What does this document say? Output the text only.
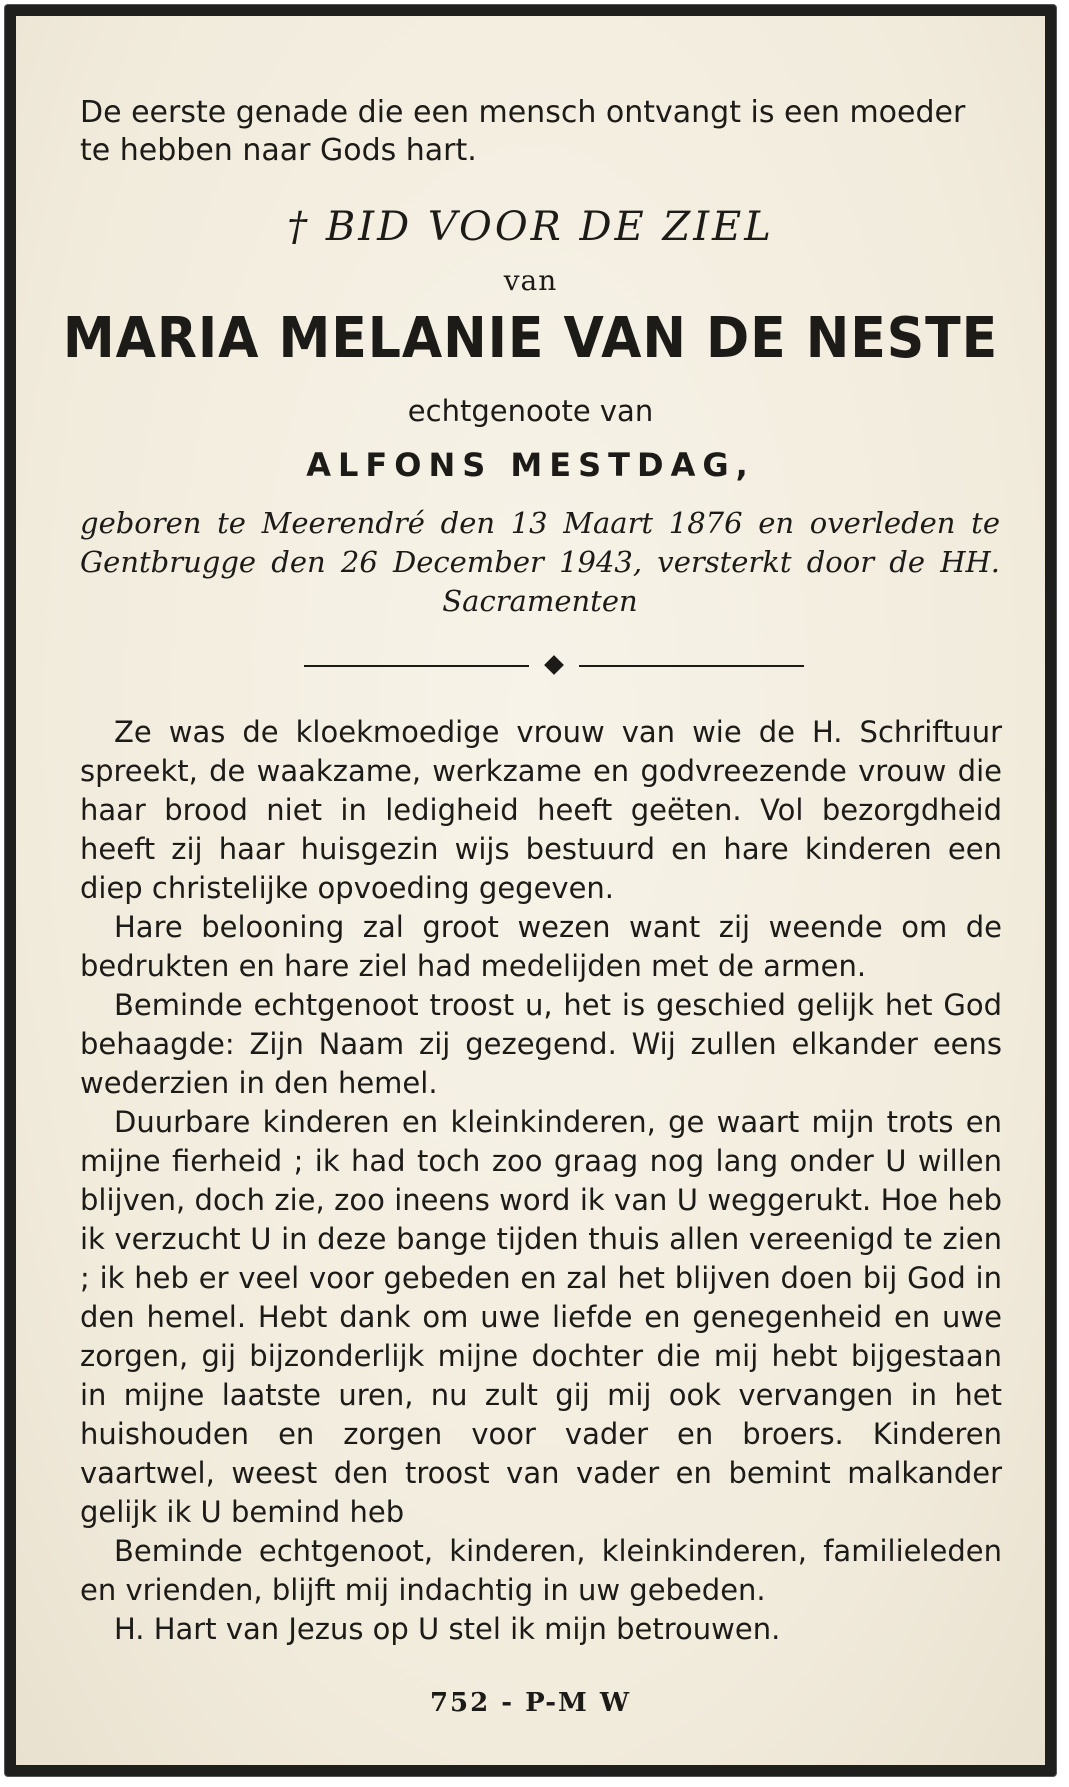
De eerste genade die een mensch ontvangt is een moeder te hebben naar Gods hart.

† BID VOOR DE ZIEL

van

MARIA MELANIE VAN DE NESTE

echtgenoote van

ALFONS MESTDAG,

geboren te Meerendré den 13 Maart 1876 en overleden te Gentbrugge den 26 December 1943, versterkt door de HH. Sacramenten

Ze was de kloekmoedige vrouw van wie de H. Schriftuur spreekt, de waakzame, werkzame en godvreezende vrouw die haar brood niet in ledigheid heeft geëten. Vol bezorgdheid heeft zij haar huisgezin wijs bestuurd en hare kinderen een diep christelijke opvoeding gegeven.

Hare belooning zal groot wezen want zij weende om de bedrukten en hare ziel had medelijden met de armen.

Beminde echtgenoot troost u, het is geschied gelijk het God behaagde: Zijn Naam zij gezegend. Wij zullen elkander eens wederzien in den hemel.

Duurbare kinderen en kleinkinderen, ge waart mijn trots en mijne fierheid ; ik had toch zoo graag nog lang onder U willen blijven, doch zie, zoo ineens word ik van U weggerukt. Hoe heb ik verzucht U in deze bange tijden thuis allen vereenigd te zien ; ik heb er veel voor gebeden en zal het blijven doen bij God in den hemel. Hebt dank om uwe liefde en genegenheid en uwe zorgen, gij bijzonderlijk mijne dochter die mij hebt bijgestaan in mijne laatste uren, nu zult gij mij ook vervangen in het huishouden en zorgen voor vader en broers. Kinderen vaartwel, weest den troost van vader en bemint malkander gelijk ik U bemind heb

Beminde echtgenoot, kinderen, kleinkinderen, familieleden en vrienden, blijft mij indachtig in uw gebeden.

H. Hart van Jezus op U stel ik mijn betrouwen.

752 - P-M W
